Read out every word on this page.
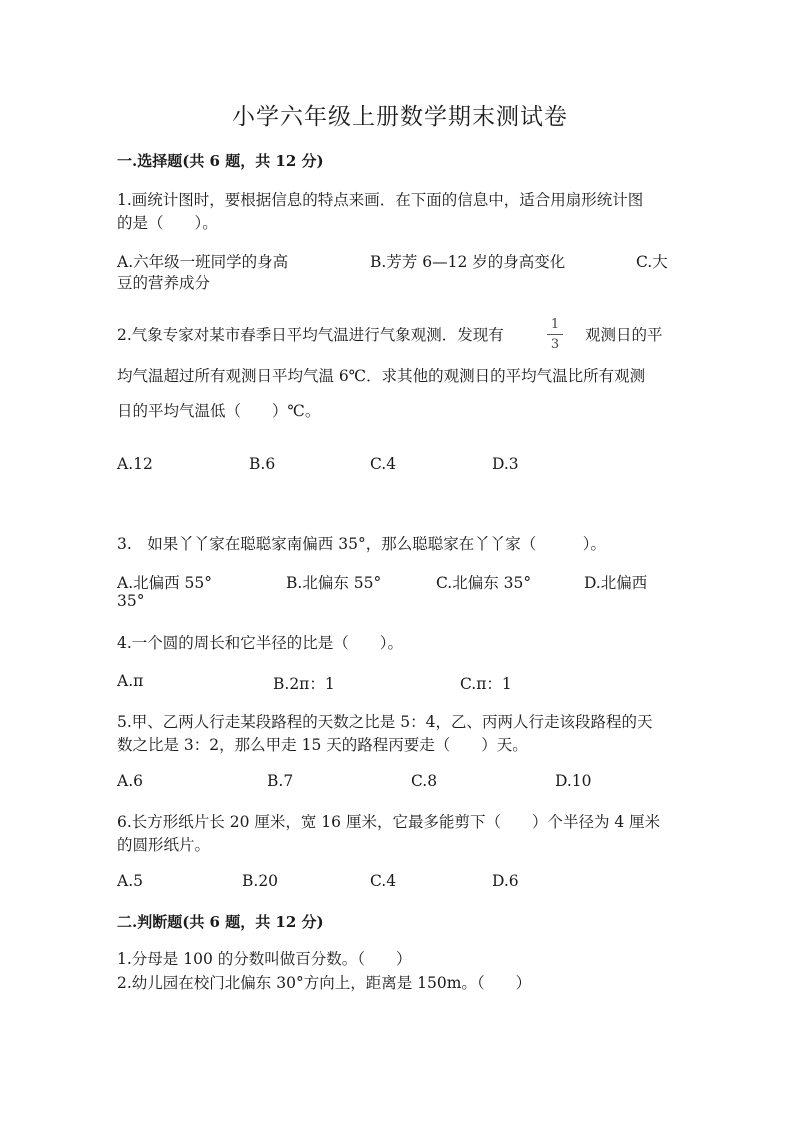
小学六年级上册数学期末测试卷
一.选择题(共 6 题，共 12 分)
1.画统计图时，要根据信息的特点来画．在下面的信息中，适合用扇形统计图
的是（　　）。
A.六年级一班同学的身高	B.芳芳 6—12 岁的身高变化	C.大
豆的营养成分
2.气象专家对某市春季日平均气温进行气象观测．发现有
1
3
观测日的平
均气温超过所有观测日平均气温 6℃．求其他的观测日的平均气温比所有观测
日的平均气温低（　　）℃。
A.12	B.6	C.4	D.3
3.　如果丫丫家在聪聪家南偏西 35°，那么聪聪家在丫丫家（　　　）。
A.北偏西 55°	B.北偏东 55°	C.北偏东 35°	D.北偏西
35°
4.一个圆的周长和它半径的比是（　　）。
A.π	B.2π：1	C.π：1
5.甲、乙两人行走某段路程的天数之比是 5：4，乙、丙两人行走该段路程的天
数之比是 3：2，那么甲走 15 天的路程丙要走（　　）天。
A.6	B.7	C.8	D.10
6.长方形纸片长 20 厘米，宽 16 厘米，它最多能剪下（　　）个半径为 4 厘米
的圆形纸片。
A.5	B.20	C.4	D.6
二.判断题(共 6 题，共 12 分)
1.分母是 100 的分数叫做百分数。（　　）
2.幼儿园在校门北偏东 30°方向上，距离是 150m。（　　）
